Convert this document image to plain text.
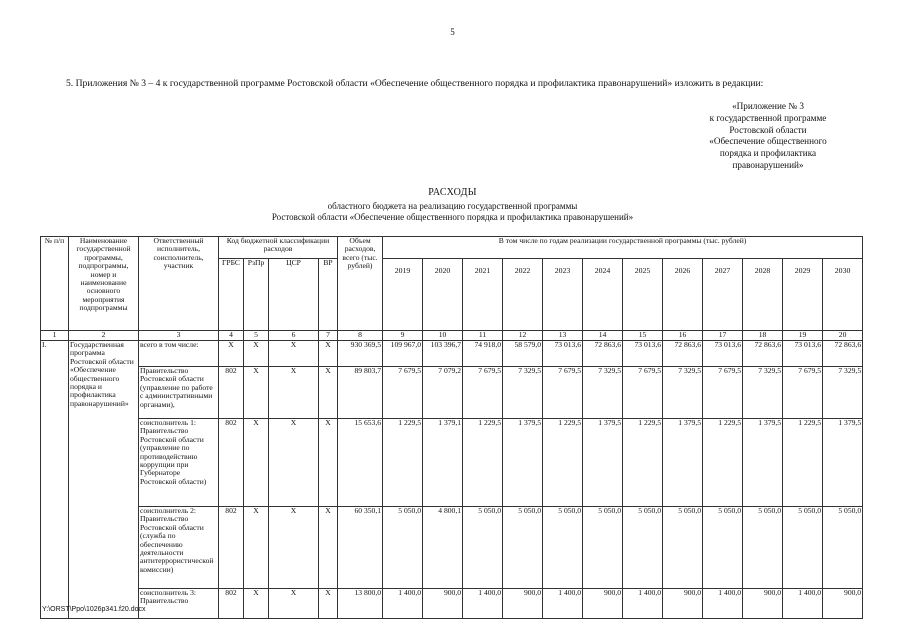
5
5. Приложения № 3 – 4 к государственной программе Ростовской области «Обеспечение общественного порядка и профилактика правонарушений» изложить в редакции:
«Приложение № 3
к государственной программе
Ростовской области
«Обеспечение общественного
порядка и профилактика
правонарушений»
РАСХОДЫ
областного бюджета на реализацию государственной программы
Ростовской области «Обеспечение общественного порядка и профилактика правонарушений»
№ п/п	Наименование государственной программы, подпрограммы, номер и наименование основного мероприятия подпрограммы	Ответственный исполнитель, соисполнитель, участник	Код бюджетной классификации расходов				Объем расходов, всего (тыс. рублей)	В том числе по годам реализации государственной программы (тыс. рублей)											
			ГРБС	РзПр	ЦСР	ВР		2019	2020	2021	2022	2023	2024	2025	2026	2027	2028	2029	2030
1	2	3	4	5	6	7	8	9	10	11	12	13	14	15	16	17	18	19	20
I.	Государственная программа Ростовской области «Обеспечение общественного порядка и профилактика правонарушений»	всего в том числе:	X	X	X	X	930 369,5	109 967,0	103 396,7	74 918,0	58 579,0	73 013,6	72 863,6	73 013,6	72 863,6	73 013,6	72 863,6	73 013,6	72 863,6
		Правительство Ростовской области (управление по работе с административными органами),	802	X	X	X	89 803,7	7 679,5	7 079,2	7 679,5	7 329,5	7 679,5	7 329,5	7 679,5	7 329,5	7 679,5	7 329,5	7 679,5	7 329,5
		соисполнитель 1: Правительство Ростовской области (управление по противодействию коррупции при Губернаторе Ростовской области)	802	X	X	X	15 653,6	1 229,5	1 379,1	1 229,5	1 379,5	1 229,5	1 379,5	1 229,5	1 379,5	1 229,5	1 379,5	1 229,5	1 379,5
		соисполнитель 2: Правительство Ростовской области (служба по обеспечению деятельности антитеррористической комиссии)	802	X	X	X	60 350,1	5 050,0	4 800,1	5 050,0	5 050,0	5 050,0	5 050,0	5 050,0	5 050,0	5 050,0	5 050,0	5 050,0	5 050,0
		соисполнитель 3: Правительство	802	X	X	X	13 800,0	1 400,0	900,0	1 400,0	900,0	1 400,0	900,0	1 400,0	900,0	1 400,0	900,0	1 400,0	900,0
Y:\ORST\Ppo\1026p341.f20.docx
